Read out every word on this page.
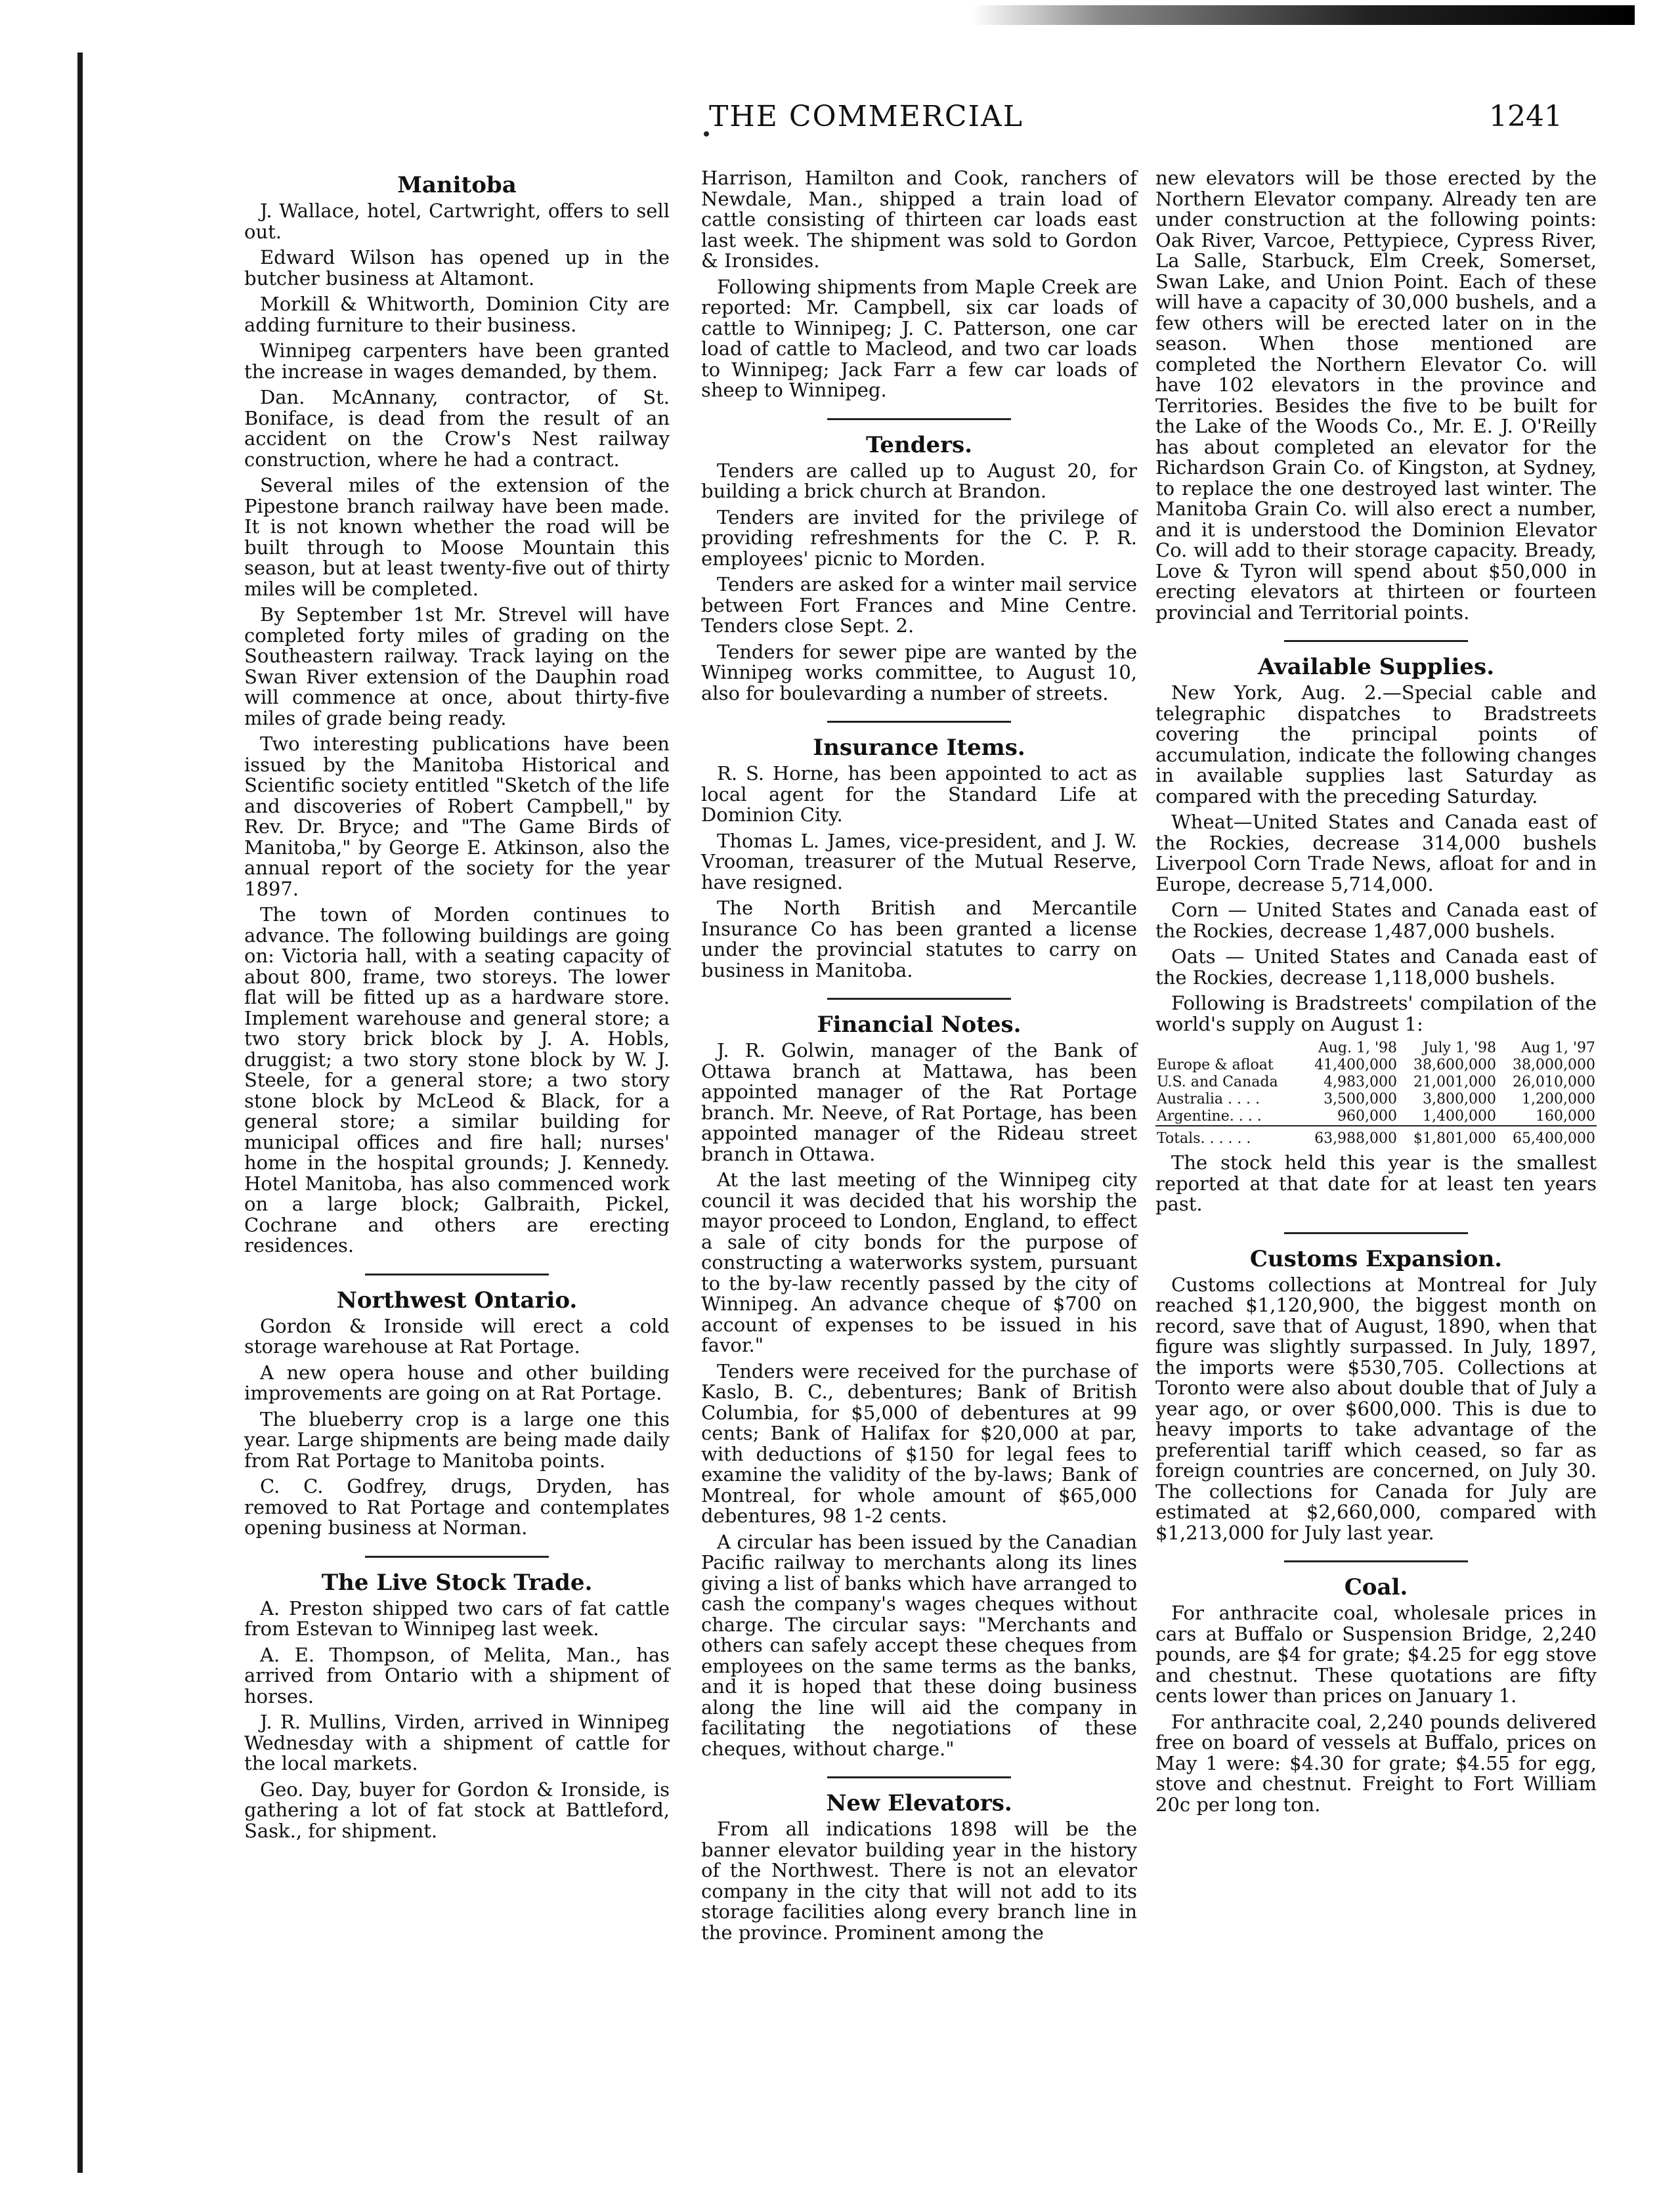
THE COMMERCIAL	1241
Manitoba

J. Wallace, hotel, Cartwright, offers to sell out.

Edward Wilson has opened up in the butcher business at Altamont.

Morkill & Whitworth, Dominion City are adding furniture to their business.

Winnipeg carpenters have been granted the increase in wages demanded, by them.

Dan. McAnnany, contractor, of St. Boniface, is dead from the result of an accident on the Crow's Nest railway construction, where he had a contract.

Several miles of the extension of the Pipestone branch railway have been made. It is not known whether the road will be built through to Moose Mountain this season, but at least twenty-five out of thirty miles will be completed.

By September 1st Mr. Strevel will have completed forty miles of grading on the Southeastern railway. Track laying on the Swan River extension of the Dauphin road will commence at once, about thirty-five miles of grade being ready.

Two interesting publications have been issued by the Manitoba Historical and Scientific society entitled "Sketch of the life and discoveries of Robert Campbell," by Rev. Dr. Bryce; and "The Game Birds of Manitoba," by George E. Atkinson, also the annual report of the society for the year 1897.

The town of Morden continues to advance. The following buildings are going on: Victoria hall, with a seating capacity of about 800, frame, two storeys. The lower flat will be fitted up as a hardware store. Implement warehouse and general store; a two story brick block by J. A. Hobls, druggist; a two story stone block by W. J. Steele, for a general store; a two story stone block by McLeod & Black, for a general store; a similar building for municipal offices and fire hall; nurses' home in the hospital grounds; J. Kennedy. Hotel Manitoba, has also commenced work on a large block; Galbraith, Pickel, Cochrane and others are erecting residences.

Northwest Ontario.

Gordon & Ironside will erect a cold storage warehouse at Rat Portage.

A new opera house and other building improvements are going on at Rat Portage.

The blueberry crop is a large one this year. Large shipments are being made daily from Rat Portage to Manitoba points.

C. C. Godfrey, drugs, Dryden, has removed to Rat Portage and contemplates opening business at Norman.

The Live Stock Trade.

A. Preston shipped two cars of fat cattle from Estevan to Winnipeg last week.

A. E. Thompson, of Melita, Man., has arrived from Ontario with a shipment of horses.

J. R. Mullins, Virden, arrived in Winnipeg Wednesday with a shipment of cattle for the local markets.

Geo. Day, buyer for Gordon & Ironside, is gathering a lot of fat stock at Battleford, Sask., for shipment.

Harrison, Hamilton and Cook, ranchers of Newdale, Man., shipped a train load of cattle consisting of thirteen car loads east last week. The shipment was sold to Gordon & Ironsides.

Following shipments from Maple Creek are reported: Mr. Campbell, six car loads of cattle to Winnipeg; J. C. Patterson, one car load of cattle to Macleod, and two car loads to Winnipeg; Jack Farr a few car loads of sheep to Winnipeg.

Tenders.

Tenders are called up to August 20, for building a brick church at Brandon.

Tenders are invited for the privilege of providing refreshments for the C. P. R. employees' picnic to Morden.

Tenders are asked for a winter mail service between Fort Frances and Mine Centre. Tenders close Sept. 2.

Tenders for sewer pipe are wanted by the Winnipeg works committee, to August 10, also for boulevarding a number of streets.

Insurance Items.

R. S. Horne, has been appointed to act as local agent for the Standard Life at Dominion City.

Thomas L. James, vice-president, and J. W. Vrooman, treasurer of the Mutual Reserve, have resigned.

The North British and Mercantile Insurance Co has been granted a license under the provincial statutes to carry on business in Manitoba.

Financial Notes.

J. R. Golwin, manager of the Bank of Ottawa branch at Mattawa, has been appointed manager of the Rat Portage branch. Mr. Neeve, of Rat Portage, has been appointed manager of the Rideau street branch in Ottawa.

At the last meeting of the Winnipeg city council it was decided that his worship the mayor proceed to London, England, to effect a sale of city bonds for the purpose of constructing a waterworks system, pursuant to the by-law recently passed by the city of Winnipeg. An advance cheque of $700 on account of expenses to be issued in his favor."

Tenders were received for the purchase of Kaslo, B. C., debentures; Bank of British Columbia, for $5,000 of debentures at 99 cents; Bank of Halifax for $20,000 at par, with deductions of $150 for legal fees to examine the validity of the by-laws; Bank of Montreal, for whole amount of $65,000 debentures, 98 1-2 cents.

A circular has been issued by the Canadian Pacific railway to merchants along its lines giving a list of banks which have arranged to cash the company's wages cheques without charge. The circular says: "Merchants and others can safely accept these cheques from employees on the same terms as the banks, and it is hoped that these doing business along the line will aid the company in facilitating the negotiations of these cheques, without charge."

New Elevators.

From all indications 1898 will be the banner elevator building year in the history of the Northwest. There is not an elevator company in the city that will not add to its storage facilities along every branch line in the province. Prominent among the

new elevators will be those erected by the Northern Elevator company. Already ten are under construction at the following points: Oak River, Varcoe, Pettypiece, Cypress River, La Salle, Starbuck, Elm Creek, Somerset, Swan Lake, and Union Point. Each of these will have a capacity of 30,000 bushels, and a few others will be erected later on in the season. When those mentioned are completed the Northern Elevator Co. will have 102 elevators in the province and Territories. Besides the five to be built for the Lake of the Woods Co., Mr. E. J. O'Reilly has about completed an elevator for the Richardson Grain Co. of Kingston, at Sydney, to replace the one destroyed last winter. The Manitoba Grain Co. will also erect a number, and it is understood the Dominion Elevator Co. will add to their storage capacity. Bready, Love & Tyron will spend about $50,000 in erecting elevators at thirteen or fourteen provincial and Territorial points.

Available Supplies.

New York, Aug. 2.—Special cable and telegraphic dispatches to Bradstreets covering the principal points of accumulation, indicate the following changes in available supplies last Saturday as compared with the preceding Saturday.

Wheat—United States and Canada east of the Rockies, decrease 314,000 bushels Liverpool Corn Trade News, afloat for and in Europe, decrease 5,714,000.

Corn — United States and Canada east of the Rockies, decrease 1,487,000 bushels.

Oats — United States and Canada east of the Rockies, decrease 1,118,000 bushels.

Following is Bradstreets' compilation of the world's supply on August 1:

	Aug. 1, '98	July 1, '98	Aug 1, '97
Europe & afloat	41,400,000	38,600,000	38,000,000
U.S. and Canada	4,983,000	21,001,000	26,010,000
Australia . . . .	3,500,000	3,800,000	1,200,000
Argentine. . . .	960,000	1,400,000	160,000
Totals. . . . . .	63,988,000	$1,801,000	65,400,000

The stock held this year is the smallest reported at that date for at least ten years past.

Customs Expansion.

Customs collections at Montreal for July reached $1,120,900, the biggest month on record, save that of August, 1890, when that figure was slightly surpassed. In July, 1897, the imports were $530,705. Collections at Toronto were also about double that of July a year ago, or over $600,000. This is due to heavy imports to take advantage of the preferential tariff which ceased, so far as foreign countries are concerned, on July 30. The collections for Canada for July are estimated at $2,660,000, compared with $1,213,000 for July last year.

Coal.

For anthracite coal, wholesale prices in cars at Buffalo or Suspension Bridge, 2,240 pounds, are $4 for grate; $4.25 for egg stove and chestnut. These quotations are fifty cents lower than prices on January 1.

For anthracite coal, 2,240 pounds delivered free on board of vessels at Buffalo, prices on May 1 were: $4.30 for grate; $4.55 for egg, stove and chestnut. Freight to Fort William 20c per long ton.
